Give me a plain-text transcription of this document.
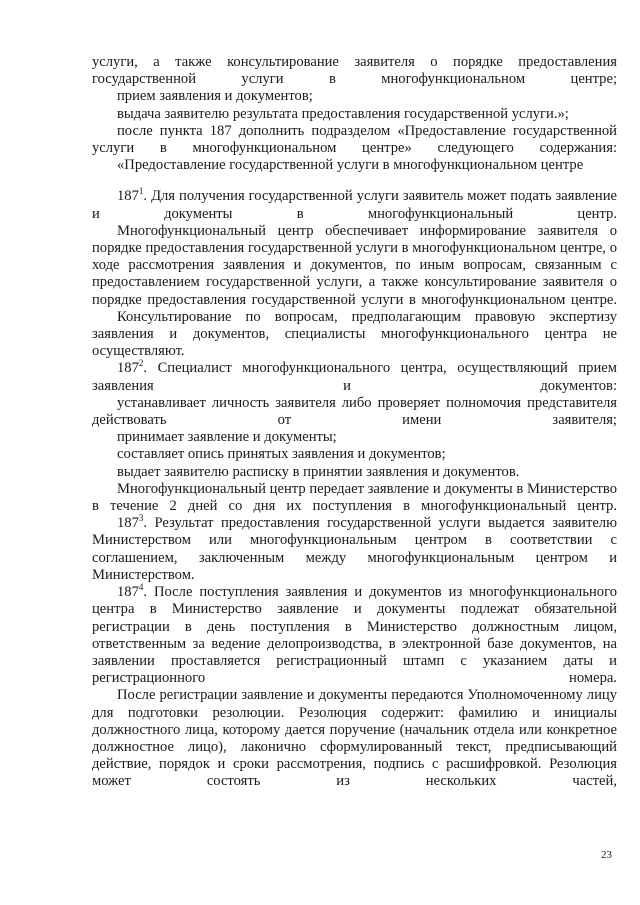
услуги, а также консультирование заявителя о порядке предоставления государственной услуги в многофункциональном центре;

прием заявления и документов;

выдача заявителю результата предоставления государственной услуги.»;

после пункта 187 дополнить подразделом «Предоставление государственной услуги в многофункциональном центре» следующего содержания:

«Предоставление государственной услуги в многофункциональном центре

$187^1$. Для получения государственной услуги заявитель может подать заявление и документы в многофункциональный центр.

Многофункциональный центр обеспечивает информирование заявителя о порядке предоставления государственной услуги в многофункциональном центре, о ходе рассмотрения заявления и документов, по иным вопросам, связанным с предоставлением государственной услуги, а также консультирование заявителя о порядке предоставления государственной услуги в многофункциональном центре.

Консультирование по вопросам, предполагающим правовую экспертизу заявления и документов, специалисты многофункционального центра не осуществляют.

$187^2$. Специалист многофункционального центра, осуществляющий прием заявления и документов:

устанавливает личность заявителя либо проверяет полномочия представителя действовать от имени заявителя;

принимает заявление и документы;

составляет опись принятых заявления и документов;

выдает заявителю расписку в принятии заявления и документов.

Многофункциональный центр передает заявление и документы в Министерство в течение 2 дней со дня их поступления в многофункциональный центр.

$187^3$. Результат предоставления государственной услуги выдается заявителю Министерством или многофункциональным центром в соответствии с соглашением, заключенным между многофункциональным центром и Министерством.

$187^4$. После поступления заявления и документов из многофункционального центра в Министерство заявление и документы подлежат обязательной регистрации в день поступления в Министерство должностным лицом, ответственным за ведение делопроизводства, в электронной базе документов, на заявлении проставляется регистрационный штамп с указанием даты и регистрационного номера.

После регистрации заявление и документы передаются Уполномоченному лицу для подготовки резолюции. Резолюция содержит: фамилию и инициалы должностного лица, которому дается поручение (начальник отдела или конкретное должностное лицо), лаконично сформулированный текст, предписывающий действие, порядок и сроки рассмотрения, подпись с расшифровкой. Резолюция может состоять из нескольких частей,

23
